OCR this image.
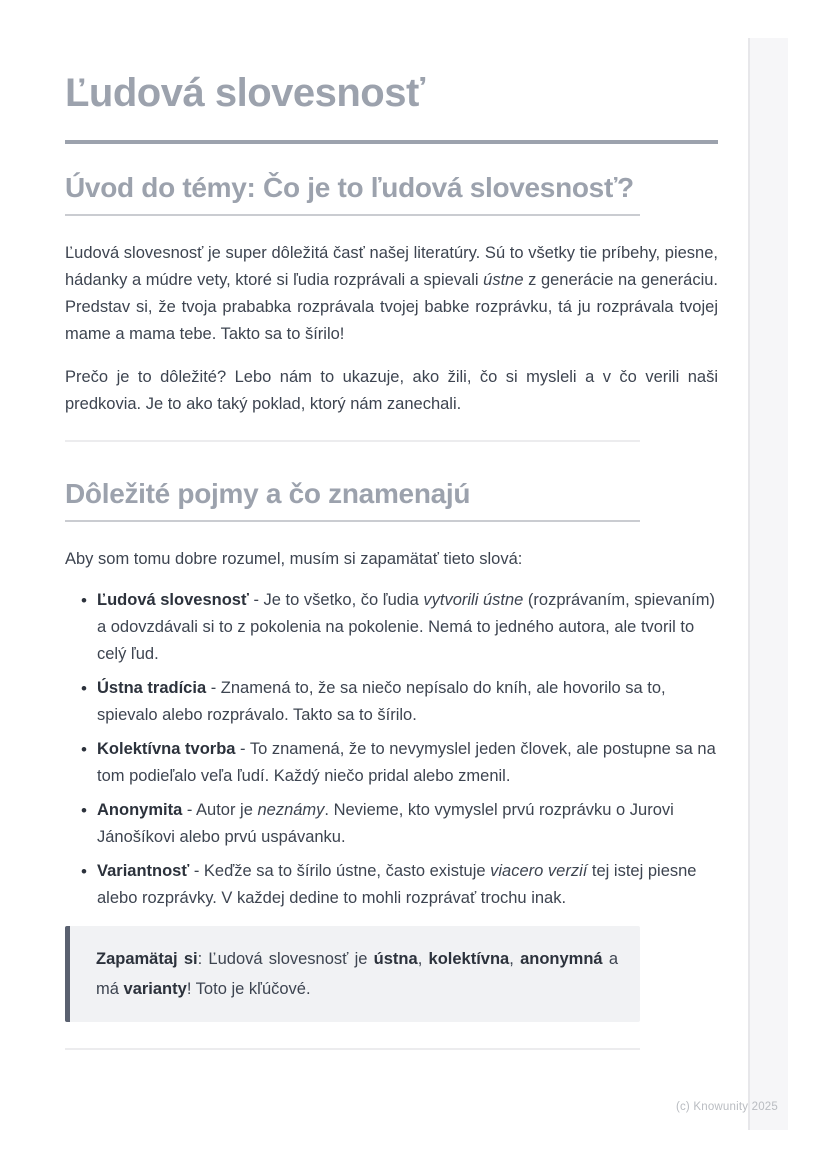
Ľudová slovesnosť
Úvod do témy: Čo je to ľudová slovesnosť?

Ľudová slovesnosť je super dôležitá časť našej literatúry. Sú to všetky tie príbehy, piesne, hádanky a múdre vety, ktoré si ľudia rozprávali a spievali ústne z generácie na generáciu. Predstav si, že tvoja prababka rozprávala tvojej babke rozprávku, tá ju rozprávala tvojej mame a mama tebe. Takto sa to šírilo!

Prečo je to dôležité? Lebo nám to ukazuje, ako žili, čo si mysleli a v čo verili naši predkovia. Je to ako taký poklad, ktorý nám zanechali.

Dôležité pojmy a čo znamenajú

Aby som tomu dobre rozumel, musím si zapamätať tieto slová:

• Ľudová slovesnosť - Je to všetko, čo ľudia vytvorili ústne (rozprávaním, spievaním) a odovzdávali si to z pokolenia na pokolenie. Nemá to jedného autora, ale tvoril to celý ľud.
• Ústna tradícia - Znamená to, že sa niečo nepísalo do kníh, ale hovorilo sa to, spievalo alebo rozprávalo. Takto sa to šírilo.
• Kolektívna tvorba - To znamená, že to nevymyslel jeden človek, ale postupne sa na tom podieľalo veľa ľudí. Každý niečo pridal alebo zmenil.
• Anonymita - Autor je neznámy. Nevieme, kto vymyslel prvú rozprávku o Jurovi Jánošíkovi alebo prvú uspávanku.
• Variantnosť - Keďže sa to šírilo ústne, často existuje viacero verzií tej istej piesne alebo rozprávky. V každej dedine to mohli rozprávať trochu inak.

Zapamätaj si: Ľudová slovesnosť je ústna, kolektívna, anonymná a má varianty! Toto je kľúčové.

(c) Knowunity 2025
